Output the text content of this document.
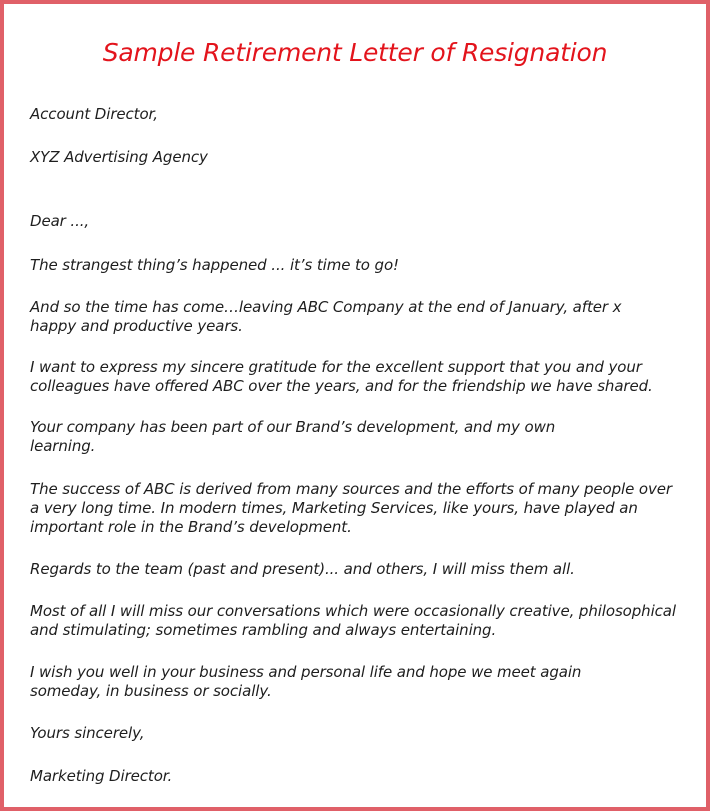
Sample Retirement Letter of Resignation
Account Director,
XYZ Advertising Agency
Dear ...,
The strangest thing’s happened ... it’s time to go!
And so the time has come…leaving ABC Company at the end of January, after x
happy and productive years.
I want to express my sincere gratitude for the excellent support that you and your
colleagues have offered ABC over the years, and for the friendship we have shared.
Your company has been part of our Brand’s development, and my own
learning.
The success of ABC is derived from many sources and the efforts of many people over
a very long time. In modern times, Marketing Services, like yours, have played an
important role in the Brand’s development.
Regards to the team (past and present)... and others, I will miss them all.
Most of all I will miss our conversations which were occasionally creative, philosophical
and stimulating; sometimes rambling and always entertaining.
I wish you well in your business and personal life and hope we meet again
someday, in business or socially.
Yours sincerely,
Marketing Director.
